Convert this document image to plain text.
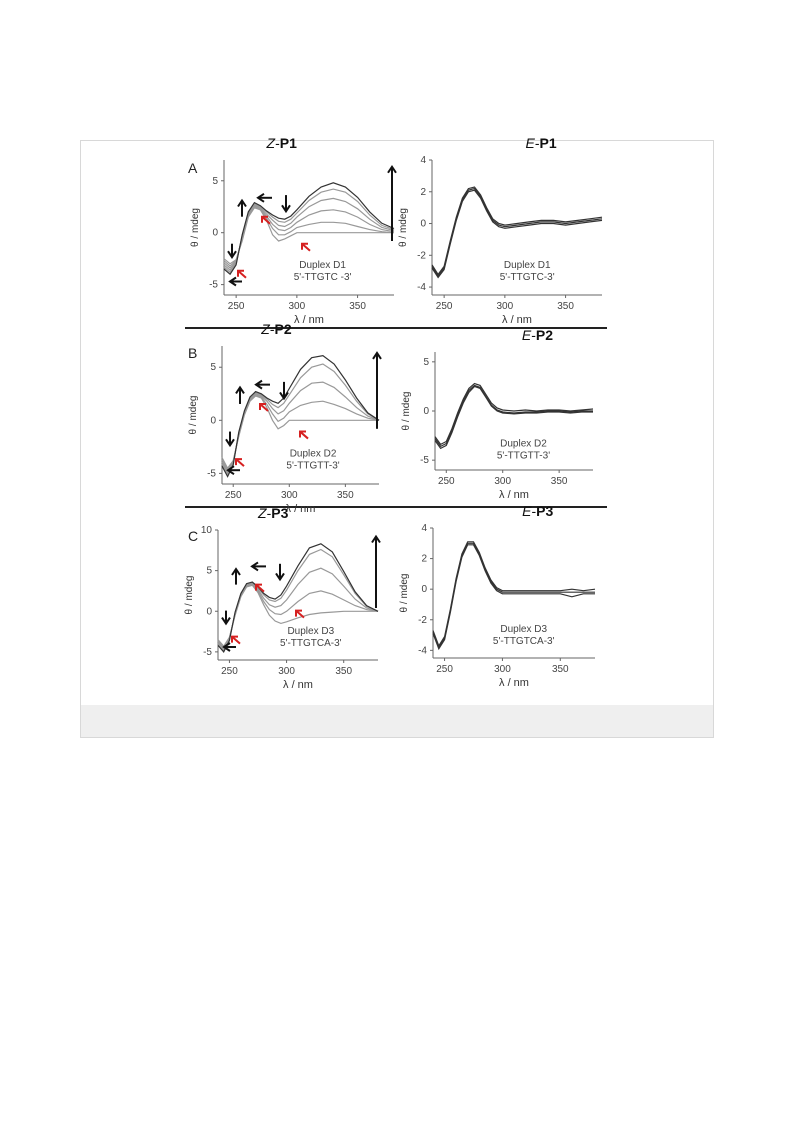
A
B
C
250	300	350
5
0
-5
λ / nm
θ / mdeg
Z-P1
Duplex D1
5'-TTGTC -3'
250	300	350
4
2
0
-2
-4
λ / nm
θ / mdeg
E-P1
Duplex D1
5'-TTGTC-3'
250	300	350
5
0
-5
λ / nm
θ / mdeg
Z-P2
Duplex D2
5'-TTGTT-3'
250	300	350
5
0
-5
λ / nm
θ / mdeg
E-P2
Duplex D2
5'-TTGTT-3'
250	300	350
10
5
0
-5
λ / nm
θ / mdeg
Z-P3
Duplex D3
5'-TTGTCA-3'
250	300	350
4
2
0
-2
-4
λ / nm
θ / mdeg
E-P3
Duplex D3
5'-TTGTCA-3'
